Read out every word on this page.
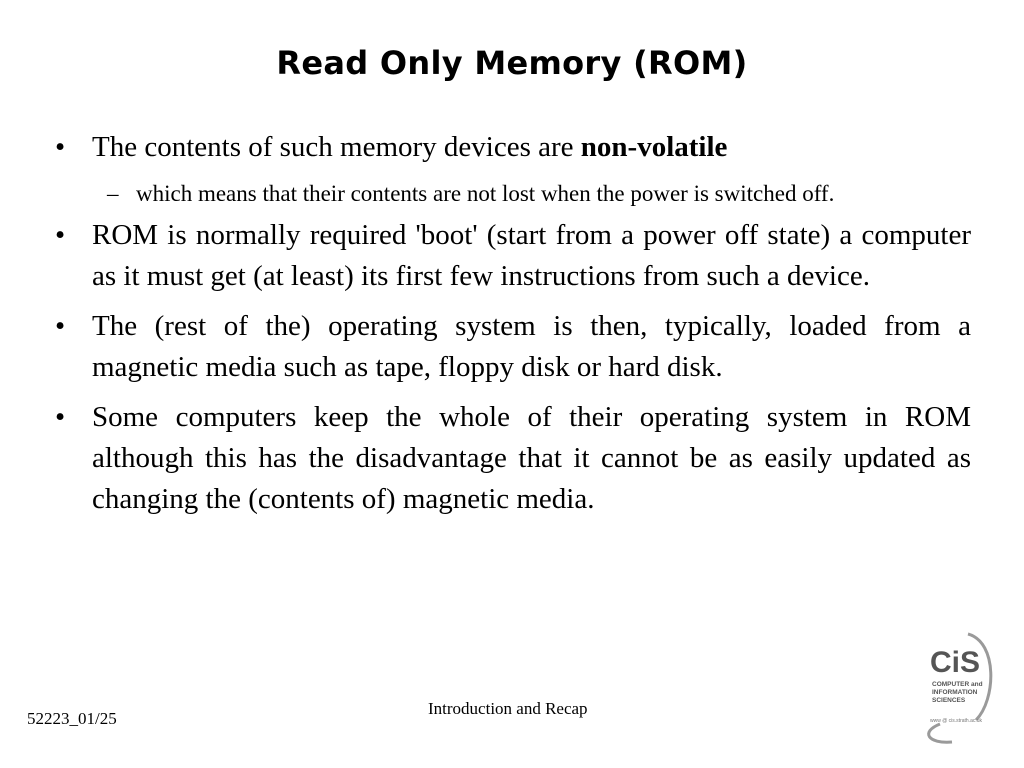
Read Only Memory (ROM)
• The contents of such memory devices are non-volatile
– which means that their contents are not lost when the power is switched off.
• ROM is normally required 'boot' (start from a power off state) a computer as it must get (at least) its first few instructions from such a device.
• The (rest of the) operating system is then, typically, loaded from a magnetic media such as tape, floppy disk or hard disk.
• Some computers keep the whole of their operating system in ROM although this has the disadvantage that it cannot be as easily updated as changing the (contents of) magnetic media.
52223_01/25
Introduction and Recap
CiS
COMPUTER and
INFORMATION
SCIENCES
www @ cis.strath.ac.uk
